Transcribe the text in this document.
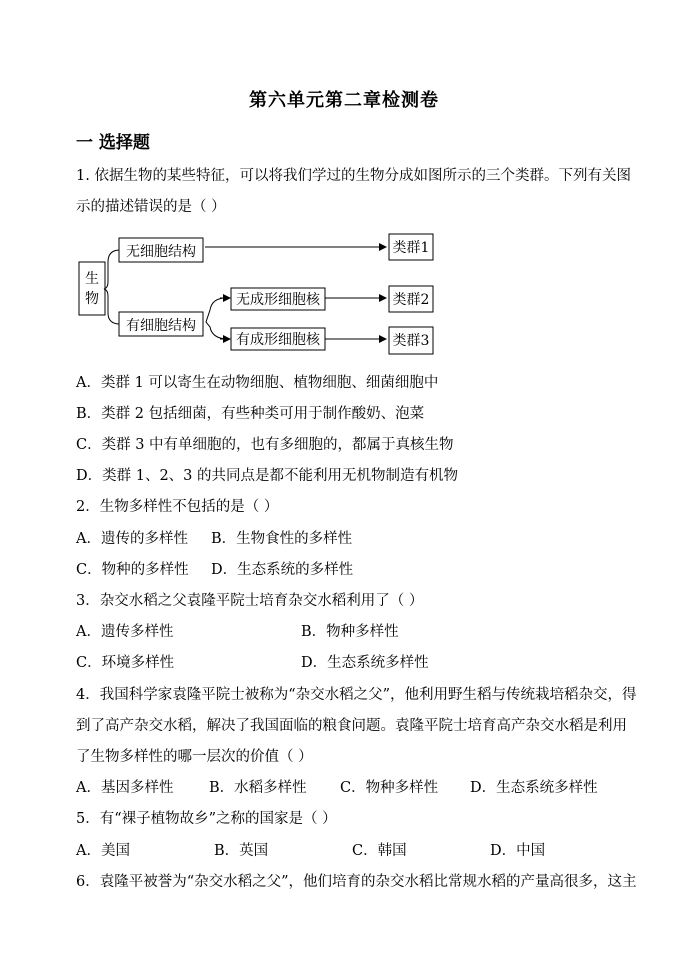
第六单元第二章检测卷
一 选择题
1. 依据生物的某些特征，可以将我们学过的生物分成如图所示的三个类群。下列有关图
示的描述错误的是（ ）
生
物
无细胞结构
有细胞结构
无成形细胞核
有成形细胞核
类群1
类群2
类群3
A．类群 1 可以寄生在动物细胞、植物细胞、细菌细胞中
B．类群 2 包括细菌，有些种类可用于制作酸奶、泡菜
C．类群 3 中有单细胞的，也有多细胞的，都属于真核生物
D．类群 1、2、3 的共同点是都不能利用无机物制造有机物
2．生物多样性不包括的是（ ）
A．遗传的多样性 B．生物食性的多样性
C．物种的多样性 D．生态系统的多样性
3．杂交水稻之父袁隆平院士培育杂交水稻利用了（ ）
A．遗传多样性	B．物种多样性
C．环境多样性	D．生态系统多样性
4．我国科学家袁隆平院士被称为“杂交水稻之父”，他利用野生稻与传统栽培稻杂交，得
到了高产杂交水稻，解决了我国面临的粮食问题。袁隆平院士培育高产杂交水稻是利用
了生物多样性的哪一层次的价值（ ）
A．基因多样性 B．水稻多样性 C．物种多样性 D．生态系统多样性
5．有“裸子植物故乡”之称的国家是（ ）
A．美国	B．英国	C．韩国	D．中国
6．袁隆平被誉为“杂交水稻之父”，他们培育的杂交水稻比常规水稻的产量高很多，这主
